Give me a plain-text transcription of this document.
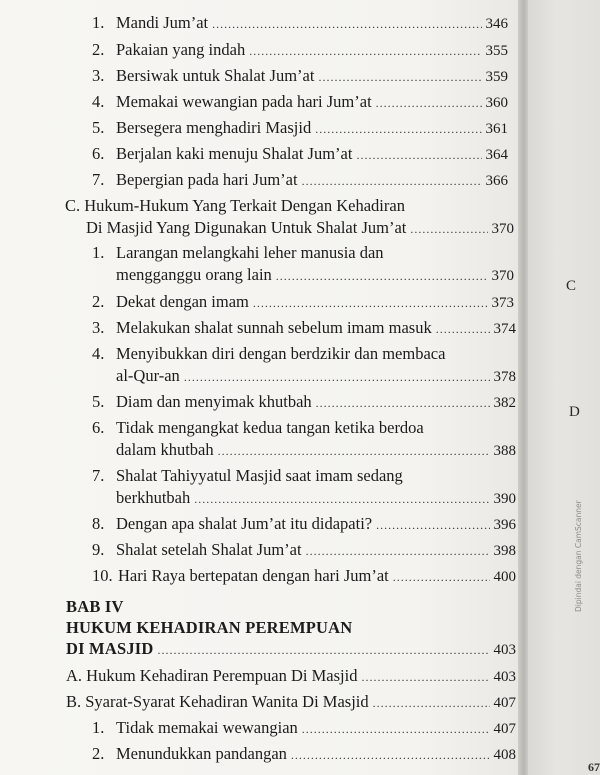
1. Mandi Jum’at .....	346
2. Pakaian yang indah .....	355
3. Bersiwak untuk Shalat Jum’at .....	359
4. Memakai wewangian pada hari Jum’at .....	360
5. Bersegera menghadiri Masjid .....	361
6. Berjalan kaki menuju Shalat Jum’at .....	364
7. Bepergian pada hari Jum’at .....	366
C. Hukum-Hukum Yang Terkait Dengan Kehadiran
Di Masjid Yang Digunakan Untuk Shalat Jum’at .....	370
1. Larangan melangkahi leher manusia dan
mengganggu orang lain .....	370
2. Dekat dengan imam .....	373
3. Melakukan shalat sunnah sebelum imam masuk .....	374
4. Menyibukkan diri dengan berdzikir dan membaca
al-Qur-an .....	378
5. Diam dan menyimak khutbah .....	382
6. Tidak mengangkat kedua tangan ketika berdoa
dalam khutbah .....	388
7. Shalat Tahiyyatul Masjid saat imam sedang
berkhutbah .....	390
8. Dengan apa shalat Jum’at itu didapati? .....	396
9. Shalat setelah Shalat Jum’at .....	398
10. Hari Raya bertepatan dengan hari Jum’at .....	400
BAB IV
HUKUM KEHADIRAN PEREMPUAN
DI MASJID .....	403
A. Hukum Kehadiran Perempuan Di Masjid .....	403
B. Syarat-Syarat Kehadiran Wanita Di Masjid .....	407
1. Tidak memakai wewangian .....	407
2. Menundukkan pandangan .....	408
C
D
Dipindai dengan CamScanner
67
